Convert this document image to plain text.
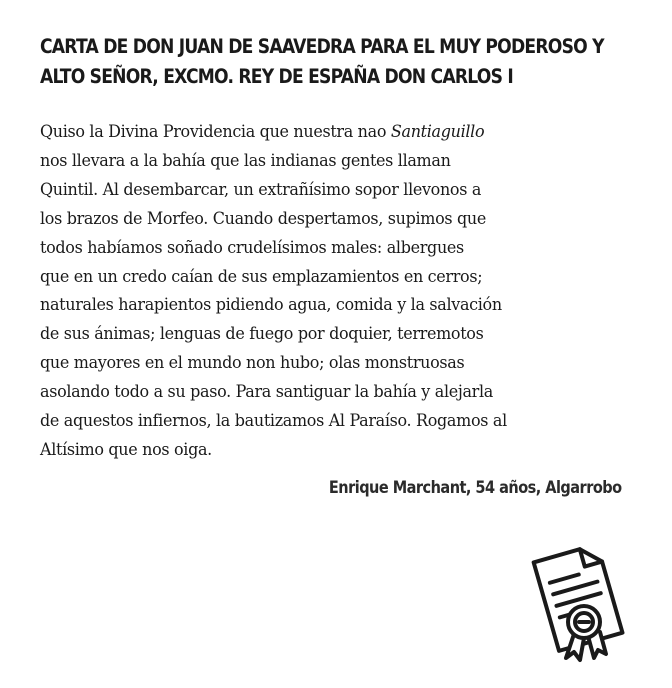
CARTA DE DON JUAN DE SAAVEDRA PARA EL MUY PODEROSO Y
ALTO SEÑOR, EXCMO. REY DE ESPAÑA DON CARLOS I
Quiso la Divina Providencia que nuestra nao Santiaguillo
nos llevara a la bahía que las indianas gentes llaman
Quintil. Al desembarcar, un extrañísimo sopor llevonos a
los brazos de Morfeo. Cuando despertamos, supimos que
todos habíamos soñado crudelísimos males: albergues
que en un credo caían de sus emplazamientos en cerros;
naturales harapientos pidiendo agua, comida y la salvación
de sus ánimas; lenguas de fuego por doquier, terremotos
que mayores en el mundo non hubo; olas monstruosas
asolando todo a su paso. Para santiguar la bahía y alejarla
de aquestos infiernos, la bautizamos Al Paraíso. Rogamos al
Altísimo que nos oiga.
Enrique Marchant, 54 años, Algarrobo
